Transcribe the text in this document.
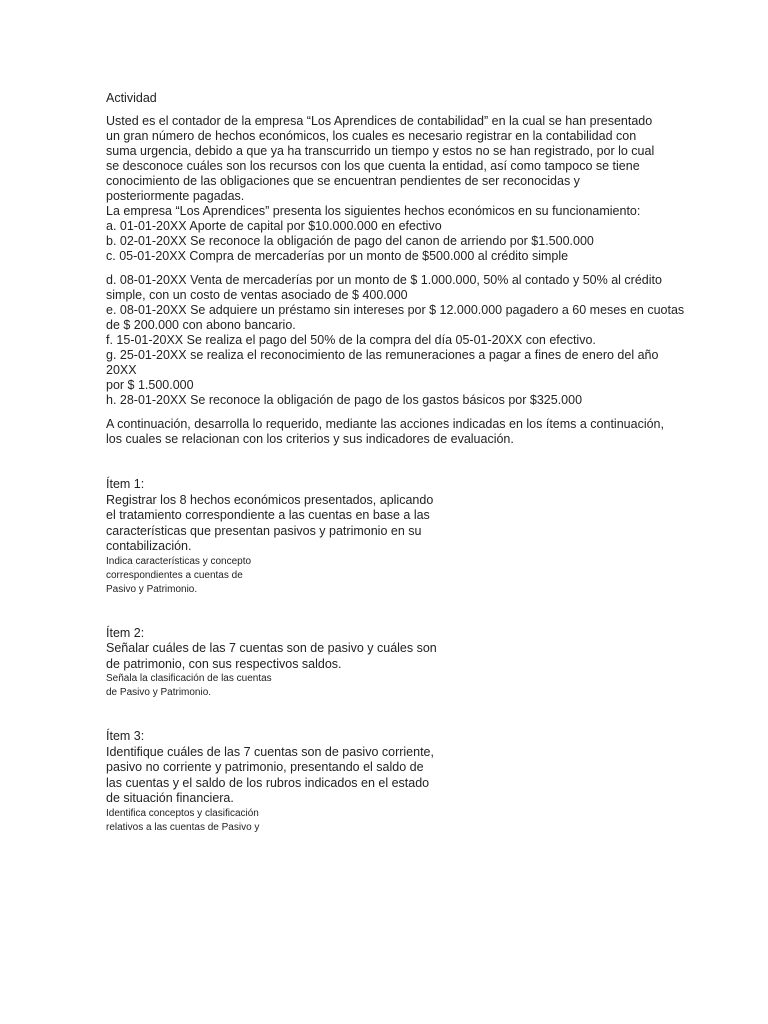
Actividad

Usted es el contador de la empresa “Los Aprendices de contabilidad” en la cual se han presentado un gran número de hechos económicos, los cuales es necesario registrar en la contabilidad con suma urgencia, debido a que ya ha transcurrido un tiempo y estos no se han registrado, por lo cual se desconoce cuáles son los recursos con los que cuenta la entidad, así como tampoco se tiene conocimiento de las obligaciones que se encuentran pendientes de ser reconocidas y posteriormente pagadas.

La empresa “Los Aprendices” presenta los siguientes hechos económicos en su funcionamiento:

a. 01-01-20XX Aporte de capital por $10.000.000 en efectivo

b. 02-01-20XX Se reconoce la obligación de pago del canon de arriendo por $1.500.000

c. 05-01-20XX Compra de mercaderías por un monto de $500.000 al crédito simple

d. 08-01-20XX Venta de mercaderías por un monto de $ 1.000.000, 50% al contado y 50% al crédito

simple, con un costo de ventas asociado de $ 400.000

e. 08-01-20XX Se adquiere un préstamo sin intereses por $ 12.000.000 pagadero a 60 meses en cuotas

de $ 200.000 con abono bancario.

f. 15-01-20XX Se realiza el pago del 50% de la compra del día 05-01-20XX con efectivo.

g. 25-01-20XX se realiza el reconocimiento de las remuneraciones a pagar a fines de enero del año

20XX

por $ 1.500.000

h. 28-01-20XX Se reconoce la obligación de pago de los gastos básicos por $325.000

A continuación, desarrolla lo requerido, mediante las acciones indicadas en los ítems a continuación, los cuales se relacionan con los criterios y sus indicadores de evaluación.

Ítem 1:

Registrar los 8 hechos económicos presentados, aplicando el tratamiento correspondiente a las cuentas en base a las características que presentan pasivos y patrimonio en su contabilización.

Indica características y concepto
correspondientes a cuentas de
Pasivo y Patrimonio.

Ítem 2:

Señalar cuáles de las 7 cuentas son de pasivo y cuáles son de patrimonio, con sus respectivos saldos.

Señala la clasificación de las cuentas
de Pasivo y Patrimonio.

Ítem 3:

Identifique cuáles de las 7 cuentas son de pasivo corriente, pasivo no corriente y patrimonio, presentando el saldo de las cuentas y el saldo de los rubros indicados en el estado de situación financiera.

Identifica conceptos y clasificación
relativos a las cuentas de Pasivo y
